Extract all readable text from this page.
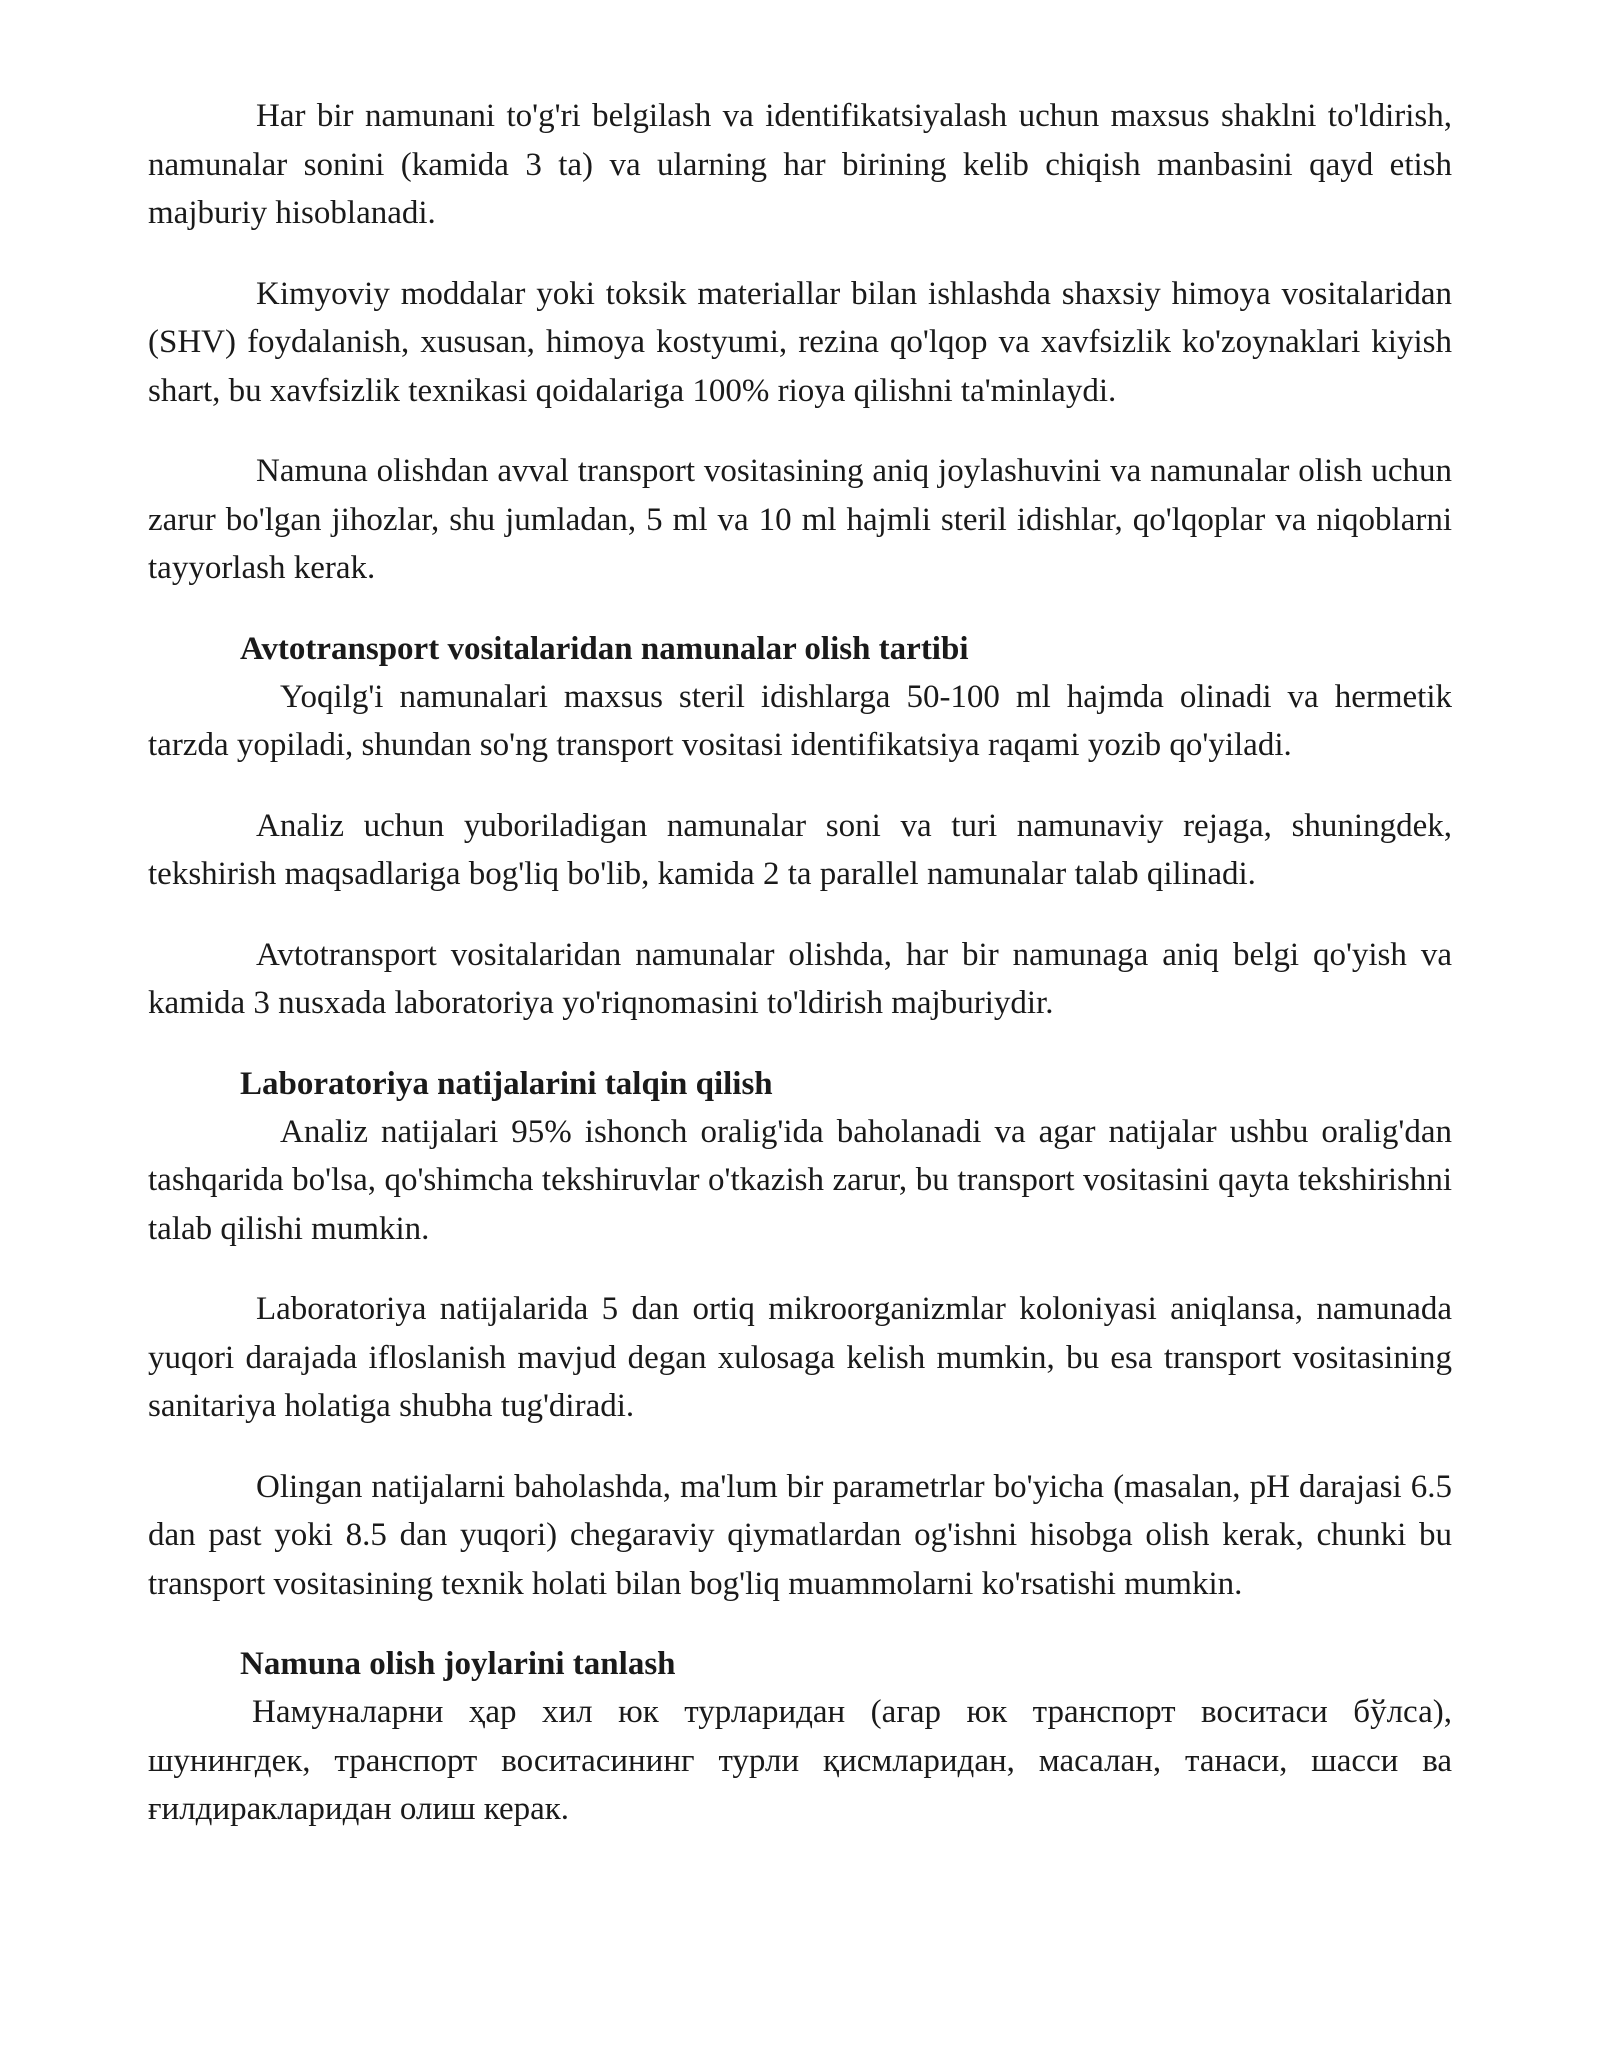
Har bir namunani to'g'ri belgilash va identifikatsiyalash uchun maxsus shaklni to'ldirish, namunalar sonini (kamida 3 ta) va ularning har birining kelib chiqish manbasini qayd etish majburiy hisoblanadi.

Kimyoviy moddalar yoki toksik materiallar bilan ishlashda shaxsiy himoya vositalaridan (SHV) foydalanish, xususan, himoya kostyumi, rezina qo'lqop va xavfsizlik ko'zoynaklari kiyish shart, bu xavfsizlik texnikasi qoidalariga 100% rioya qilishni ta'minlaydi.

Namuna olishdan avval transport vositasining aniq joylashuvini va namunalar olish uchun zarur bo'lgan jihozlar, shu jumladan, 5 ml va 10 ml hajmli steril idishlar, qo'lqoplar va niqoblarni tayyorlash kerak.

Avtotransport vositalaridan namunalar olish tartibi

Yoqilg'i namunalari maxsus steril idishlarga 50-100 ml hajmda olinadi va hermetik tarzda yopiladi, shundan so'ng transport vositasi identifikatsiya raqami yozib qo'yiladi.

Analiz uchun yuboriladigan namunalar soni va turi namunaviy rejaga, shuningdek, tekshirish maqsadlariga bog'liq bo'lib, kamida 2 ta parallel namunalar talab qilinadi.

Avtotransport vositalaridan namunalar olishda, har bir namunaga aniq belgi qo'yish va kamida 3 nusxada laboratoriya yo'riqnomasini to'ldirish majburiydir.

Laboratoriya natijalarini talqin qilish

Analiz natijalari 95% ishonch oralig'ida baholanadi va agar natijalar ushbu oralig'dan tashqarida bo'lsa, qo'shimcha tekshiruvlar o'tkazish zarur, bu transport vositasini qayta tekshirishni talab qilishi mumkin.

Laboratoriya natijalarida 5 dan ortiq mikroorganizmlar koloniyasi aniqlansa, namunada yuqori darajada ifloslanish mavjud degan xulosaga kelish mumkin, bu esa transport vositasining sanitariya holatiga shubha tug'diradi.

Olingan natijalarni baholashda, ma'lum bir parametrlar bo'yicha (masalan, pH darajasi 6.5 dan past yoki 8.5 dan yuqori) chegaraviy qiymatlardan og'ishni hisobga olish kerak, chunki bu transport vositasining texnik holati bilan bog'liq muammolarni ko'rsatishi mumkin.

Namuna olish joylarini tanlash

Намуналарни ҳар хил юк турларидан (агар юк транспорт воситаси бўлса), шунингдек, транспорт воситасининг турли қисмларидан, масалан, танаси, шасси ва ғилдиракларидан олиш керак.
